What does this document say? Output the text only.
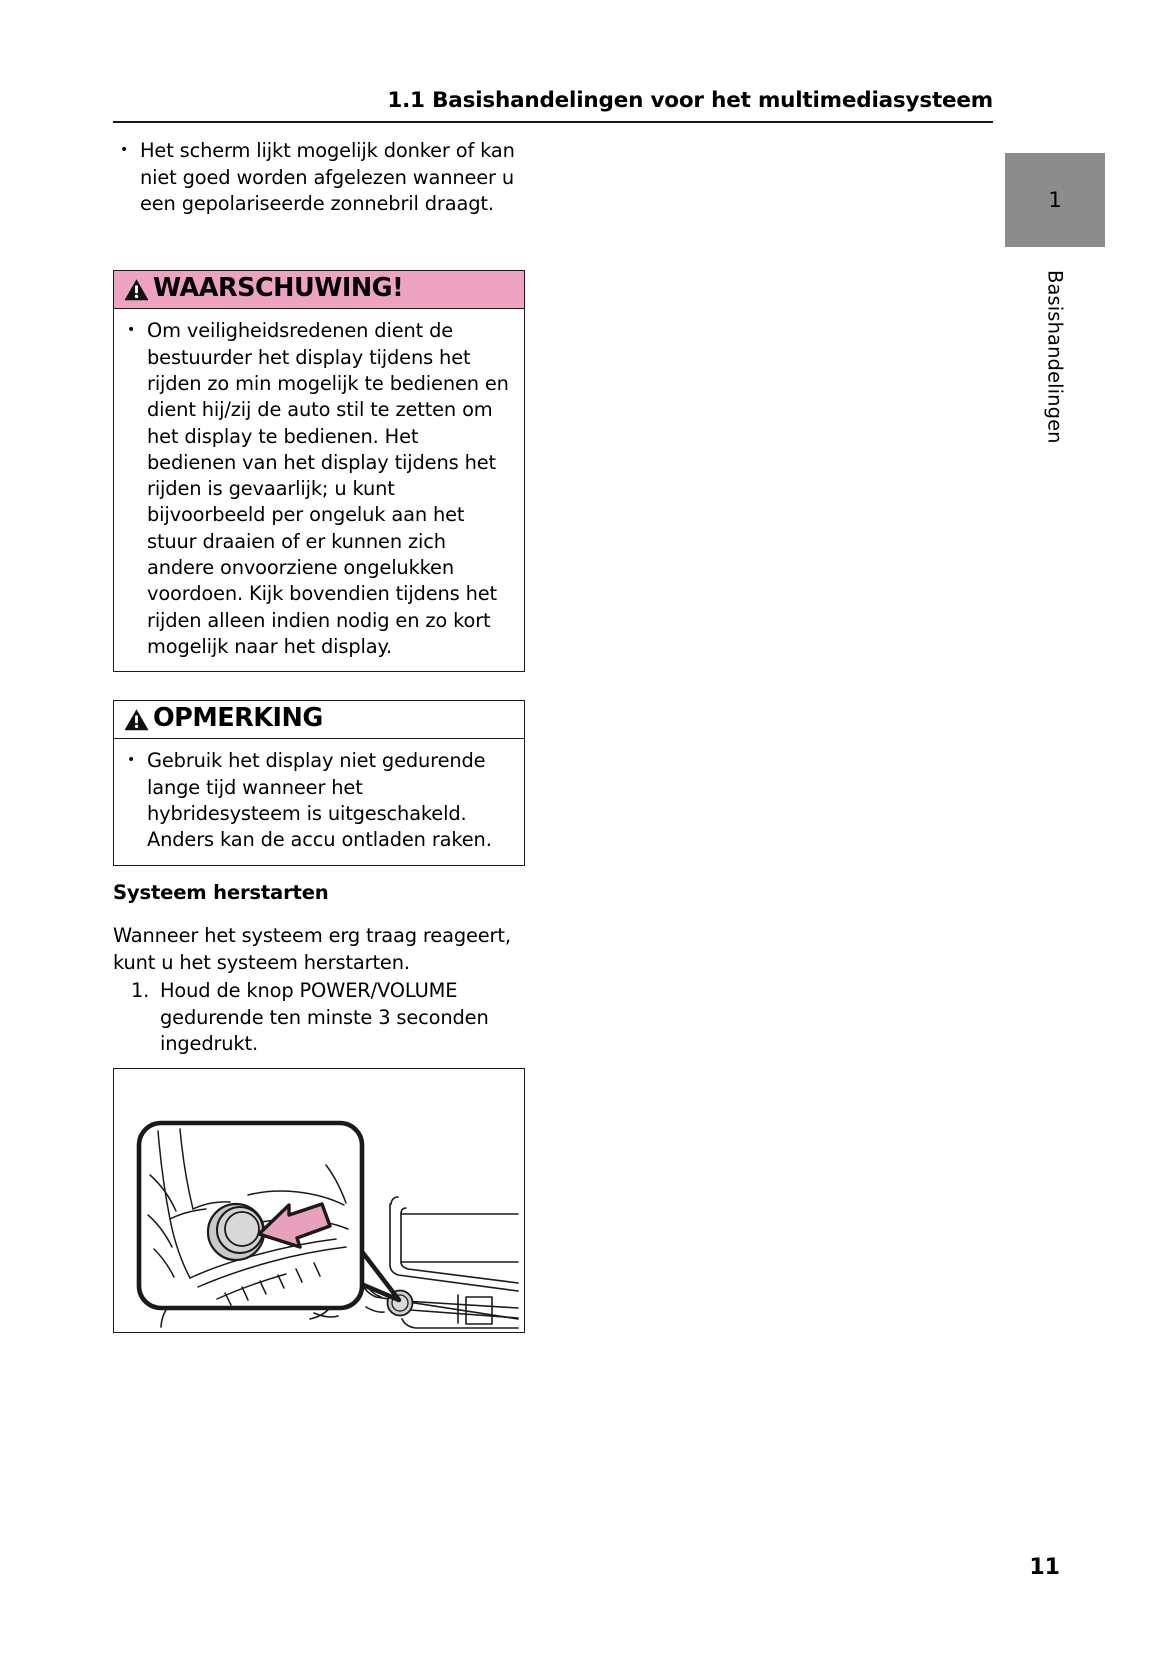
1.1 Basishandelingen voor het multimediasysteem
• Het scherm lijkt mogelijk donker of kan niet goed worden afgelezen wanneer u een gepolariseerde zonnebril draagt.
WAARSCHUWING!
• Om veiligheidsredenen dient de bestuurder het display tijdens het rijden zo min mogelijk te bedienen en dient hij/zij de auto stil te zetten om het display te bedienen. Het bedienen van het display tijdens het rijden is gevaarlijk; u kunt bijvoorbeeld per ongeluk aan het stuur draaien of er kunnen zich andere onvoorziene ongelukken voordoen. Kijk bovendien tijdens het rijden alleen indien nodig en zo kort mogelijk naar het display.
OPMERKING
• Gebruik het display niet gedurende lange tijd wanneer het hybridesysteem is uitgeschakeld. Anders kan de accu ontladen raken.
Systeem herstarten
Wanneer het systeem erg traag reageert, kunt u het systeem herstarten.
1. Houd de knop POWER/VOLUME gedurende ten minste 3 seconden ingedrukt.
1
Basishandelingen
11
